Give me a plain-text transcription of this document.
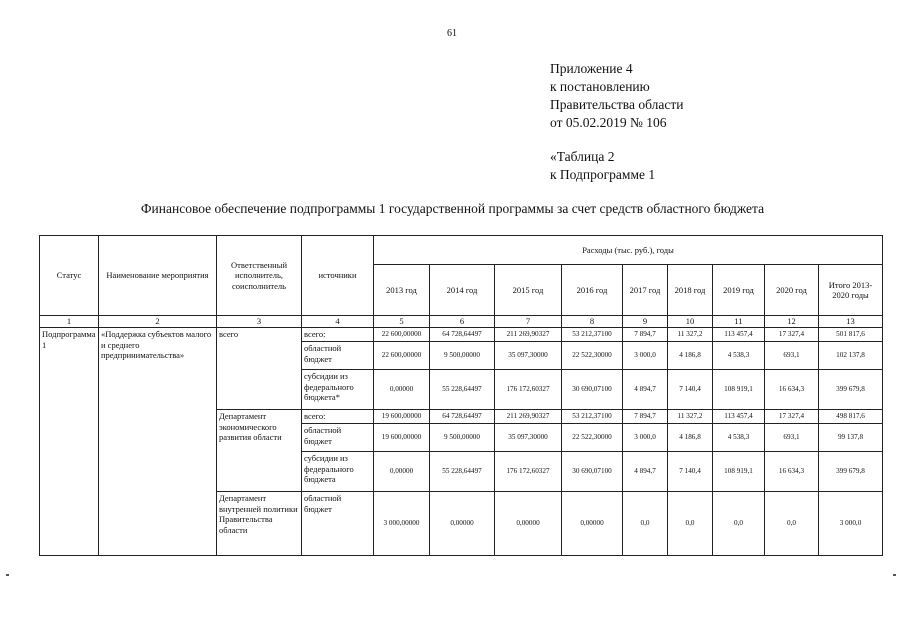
61
Приложение 4
к постановлению
Правительства области
от 05.02.2019 № 106
«Таблица 2
к Подпрограмме 1
Финансовое обеспечение подпрограммы 1 государственной программы за счет средств областного бюджета
Статус	Наименование мероприятия	Ответственный исполнитель, соисполнитель	источники	Расходы (тыс. руб.), годы								
				2013 год	2014 год	2015 год	2016 год	2017 год	2018 год	2019 год	2020 год	Итого 2013-2020 годы
1	2	3	4	5	6	7	8	9	10	11	12	13
Подпрограмма 1	«Поддержка субъектов малого и среднего предпринимательства»	всего	всего:	22 600,00000	64 728,64497	211 269,90327	53 212,37100	7 894,7	11 327,2	113 457,4	17 327,4	501 817,6
			областной бюджет	22 600,00000	9 500,00000	35 097,30000	22 522,30000	3 000,0	4 186,8	4 538,3	693,1	102 137,8
			субсидии из федерального бюджета*	0,00000	55 228,64497	176 172,60327	30 690,07100	4 894,7	7 140,4	108 919,1	16 634,3	399 679,8
		Департамент экономического развития области	всего:	19 600,00000	64 728,64497	211 269,90327	53 212,37100	7 894,7	11 327,2	113 457,4	17 327,4	498 817,6
			областной бюджет	19 600,00000	9 500,00000	35 097,30000	22 522,30000	3 000,0	4 186,8	4 538,3	693,1	99 137,8
			субсидии из федерального бюджета	0,00000	55 228,64497	176 172,60327	30 690,07100	4 894,7	7 140,4	108 919,1	16 634,3	399 679,8
		Департамент внутренней политики Правительства области	областной бюджет	3 000,00000	0,00000	0,00000	0,00000	0,0	0,0	0,0	0,0	3 000,0
